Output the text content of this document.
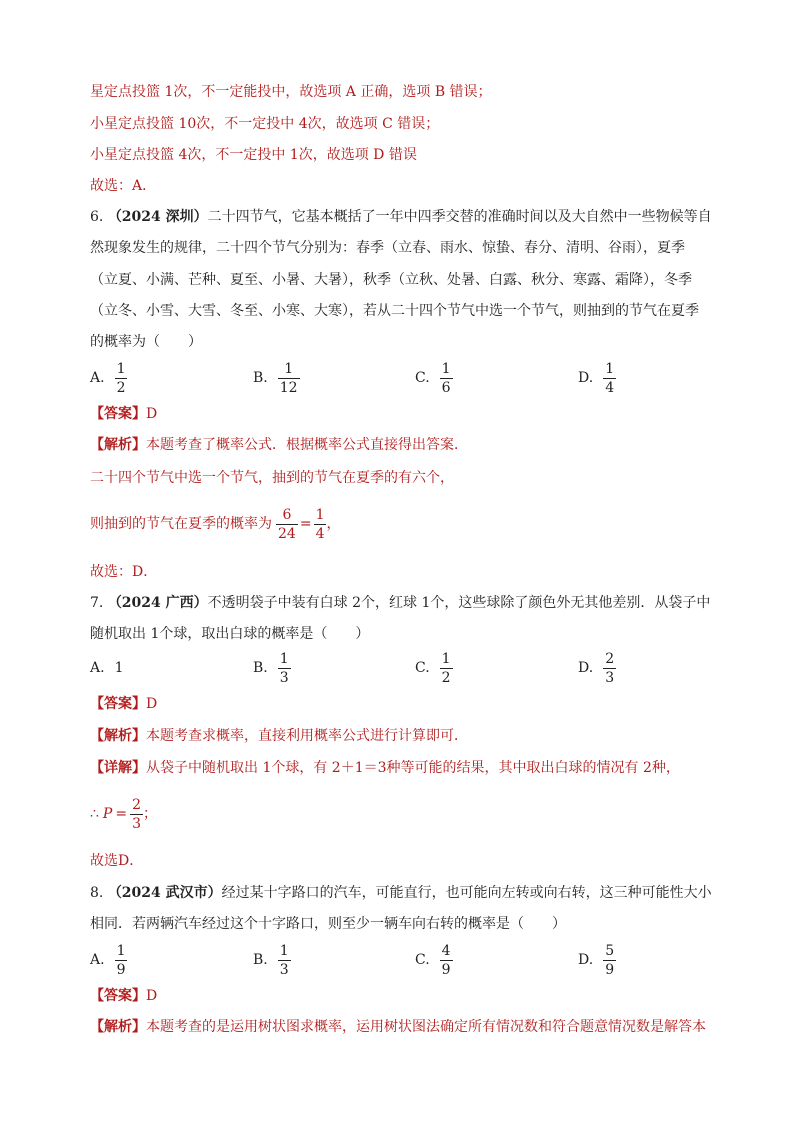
星定点投篮 1次，不一定能投中，故选项 A 正确，选项 B 错误；
小星定点投篮 10次，不一定投中 4次，故选项 C 错误；
小星定点投篮 4次，不一定投中 1次，故选项 D 错误
故选：A．
6. （2024 深圳）二十四节气，它基本概括了一年中四季交替的准确时间以及大自然中一些物候等自
然现象发生的规律，二十四个节气分别为：春季（立春、雨水、惊蛰、春分、清明、谷雨），夏季
（立夏、小满、芒种、夏至、小暑、大暑），秋季（立秋、处暑、白露、秋分、寒露、霜降），冬季
（立冬、小雪、大雪、冬至、小寒、大寒），若从二十四个节气中选一个节气，则抽到的节气在夏季
的概率为（　　）
A. $\frac{1}{2}$	B. $\frac{1}{12}$	C. $\frac{1}{6}$	D. $\frac{1}{4}$
【答案】D
【解析】本题考查了概率公式．根据概率公式直接得出答案．
二十四个节气中选一个节气，抽到的节气在夏季的有六个，
则抽到的节气在夏季的概率为 $\frac{6}{24} = \frac{1}{4}$ ，
故选：D．
7. （2024 广西）不透明袋子中装有白球 2个，红球 1个，这些球除了颜色外无其他差别．从袋子中
随机取出 1个球，取出白球的概率是（　　）
A. 1	B. $\frac{1}{3}$	C. $\frac{1}{2}$	D. $\frac{2}{3}$
【答案】D
【解析】本题考查求概率，直接利用概率公式进行计算即可．
【详解】从袋子中随机取出 1个球，有 2＋1＝3种等可能的结果，其中取出白球的情况有 2种，
∴ $P = \frac{2}{3}$ ；
故选D．
8. （2024 武汉市）经过某十字路口的汽车，可能直行，也可能向左转或向右转，这三种可能性大小
相同．若两辆汽车经过这个十字路口，则至少一辆车向右转的概率是（　　）
A. $\frac{1}{9}$	B. $\frac{1}{3}$	C. $\frac{4}{9}$	D. $\frac{5}{9}$
【答案】D
【解析】本题考查的是运用树状图求概率，运用树状图法确定所有情况数和符合题意情况数是解答本
